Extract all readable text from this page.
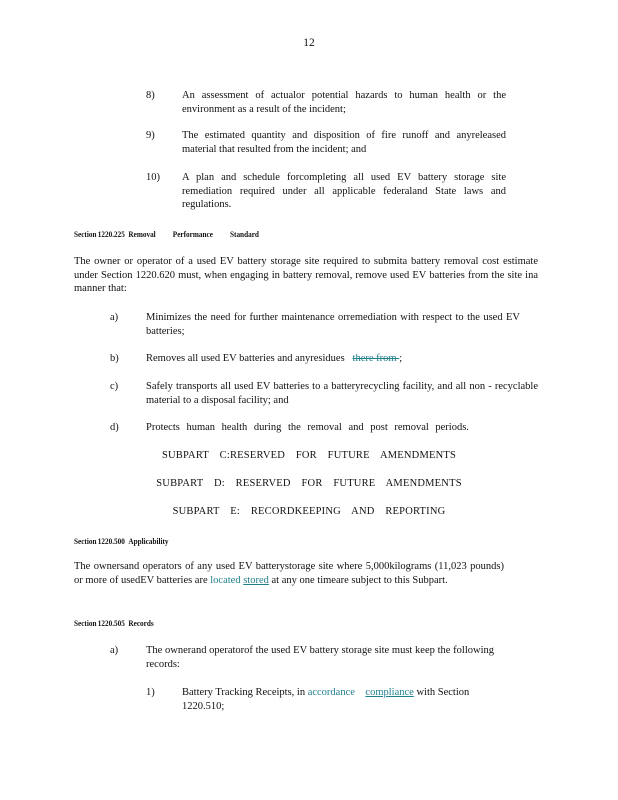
12
8)	An assessment of actualor potential hazards to human health or the environment as a result of the incident;
9)	The estimated quantity and disposition of fire runoff and anyreleased material that resulted from the incident; and
10)	A plan and schedule forcompleting all used EV battery storage site remediation required under all applicable federaland State laws and regulations.
Section 1220.225 Removal Performance Standard
The owner or operator of a used EV battery storage site required to submita battery removal cost estimate under Section 1220.620 must, when engaging in battery removal, remove used EV batteries from the site ina manner that:
a)	Minimizes the need for further maintenance orremediation with respect to the used EV batteries;
b)	Removes all used EV batteries and anyresidues there from ;
c)	Safely transports all used EV batteries to a batteryrecycling facility, and all non - recyclable material to a disposal facility; and
d)	Protects human health during the removal and post removal periods.
SUBPART C:RESERVED FOR FUTURE AMENDMENTS
SUBPART D: RESERVED FOR FUTURE AMENDMENTS
SUBPART E: RECORDKEEPING AND REPORTING
Section 1220.500 Applicability
The ownersand operators of any used EV batterystorage site where 5,000kilograms (11,023 pounds) or more of usedEV batteries are located stored at any one timeare subject to this Subpart.
Section 1220.505 Records
a)	The ownerand operatorof the used EV battery storage site must keep the following records:
1)	Battery Tracking Receipts, in accordance compliance with Section 1220.510;
